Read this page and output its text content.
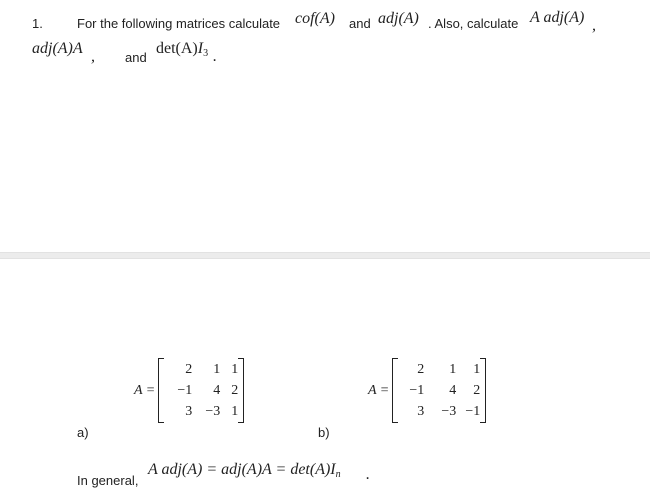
1.	For the following matrices calculate cof(A) and adj(A) . Also, calculate A adj(A) ,
adj(A)A , and
$\det(A)I_3$ .
A =
2	1 1
−1	4 2
3 −3 1
a)
A =
2	1	1
−1	4	2
3	−3 −1
b)
In general,
A $adj(A) = adj(A)A = \det(A)I_n$ .
